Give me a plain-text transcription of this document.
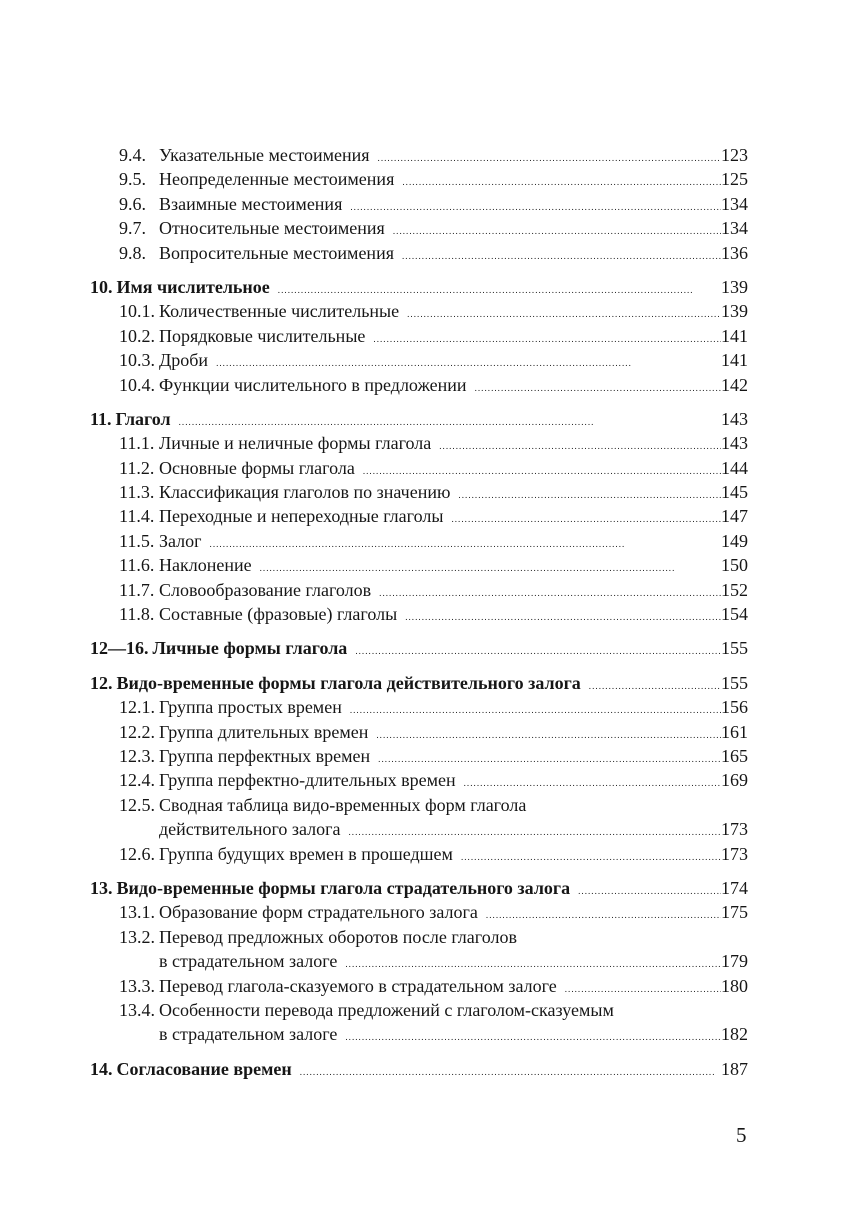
9.4. Указательные местоимения . . .	123
9.5. Неопределенные местоимения . . .	125
9.6. Взаимные местоимения . . .	134
9.7. Относительные местоимения . . .	134
9.8. Вопросительные местоимения . . .	136
10. Имя числительное . . .	139
10.1. Количественные числительные . . .	139
10.2. Порядковые числительные . . .	141
10.3. Дроби . . .	141
10.4. Функции числительного в предложении . . .	142
11. Глагол . . .	143
11.1. Личные и неличные формы глагола . . .	143
11.2. Основные формы глагола . . .	144
11.3. Классификация глаголов по значению . . .	145
11.4. Переходные и непереходные глаголы . . .	147
11.5. Залог . . .	149
11.6. Наклонение . . .	150
11.7. Словообразование глаголов . . .	152
11.8. Составные (фразовые) глаголы . . .	154
12—16. Личные формы глагола . . .	155
12. Видо-временные формы глагола действительного залога . . .	155
12.1. Группа простых времен . . .	156
12.2. Группа длительных времен . . .	161
12.3. Группа перфектных времен . . .	165
12.4. Группа перфектно-длительных времен . . .	169
12.5. Сводная таблица видо-временных форм глагола
действительного залога . . .	173
12.6. Группа будущих времен в прошедшем . . .	173
13. Видо-временные формы глагола страдательного залога . . .	174
13.1. Образование форм страдательного залога . . .	175
13.2. Перевод предложных оборотов после глаголов
в страдательном залоге . . .	179
13.3. Перевод глагола-сказуемого в страдательном залоге . . .	180
13.4. Особенности перевода предложений с глаголом-сказуемым
в страдательном залоге . . .	182
14. Согласование времен . . .	187
5
